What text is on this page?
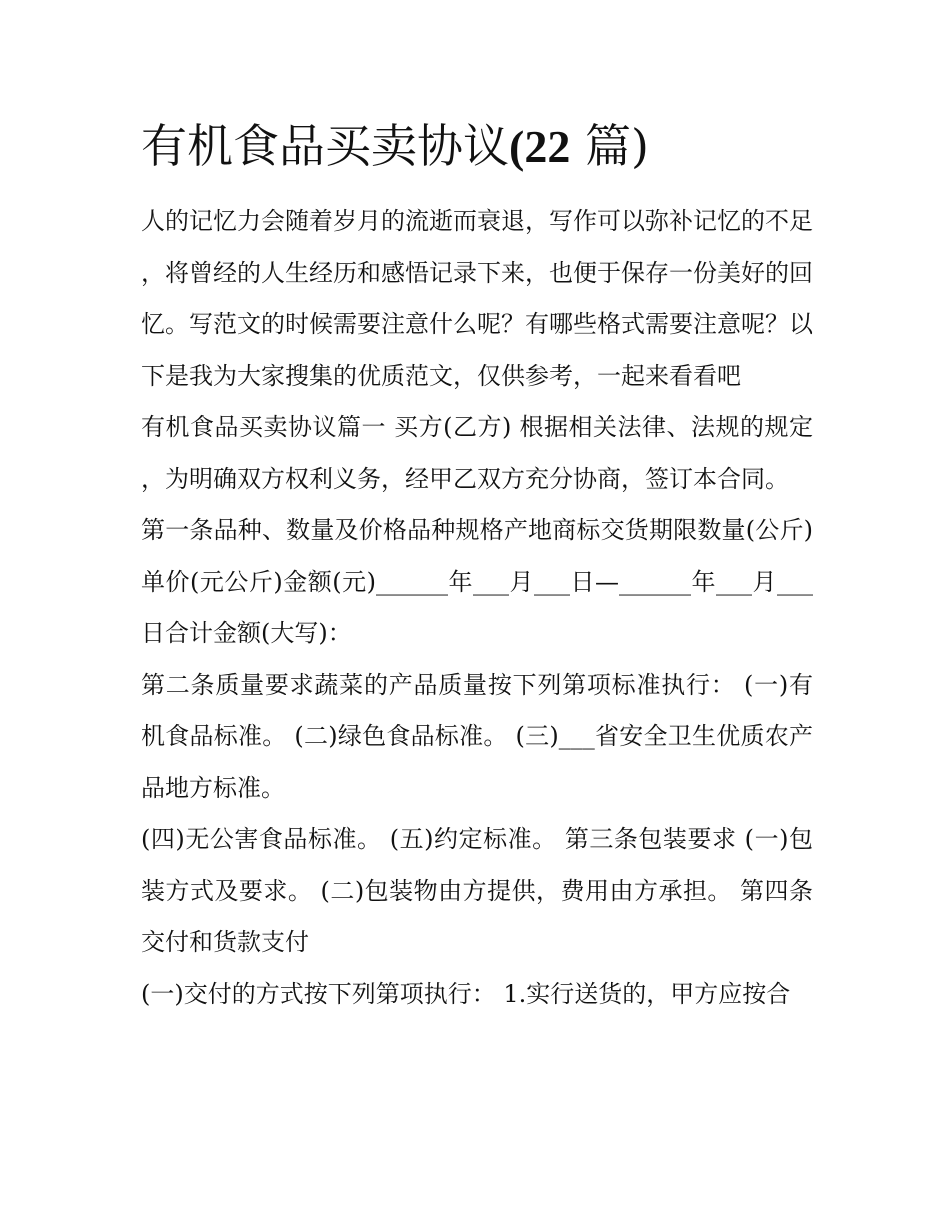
有机食品买卖协议(22 篇)

人的记忆力会随着岁月的流逝而衰退，写作可以弥补记忆的不足，将曾经的人生经历和感悟记录下来，也便于保存一份美好的回忆。写范文的时候需要注意什么呢？有哪些格式需要注意呢？以下是我为大家搜集的优质范文，仅供参考，一起来看看吧

有机食品买卖协议篇一 买方(乙方) 根据相关法律、法规的规定，为明确双方权利义务，经甲乙双方充分协商，签订本合同。

第一条品种、数量及价格品种规格产地商标交货期限数量(公斤)单价(元公斤)金额(元)______年___月___日—______年___月___日合计金额(大写)：

第二条质量要求蔬菜的产品质量按下列第项标准执行： (一)有机食品标准。 (二)绿色食品标准。 (三)___省安全卫生优质农产品地方标准。

(四)无公害食品标准。 (五)约定标准。 第三条包装要求 (一)包装方式及要求。 (二)包装物由方提供，费用由方承担。 第四条交付和货款支付

(一)交付的方式按下列第项执行： 1.实行送货的，甲方应按合
